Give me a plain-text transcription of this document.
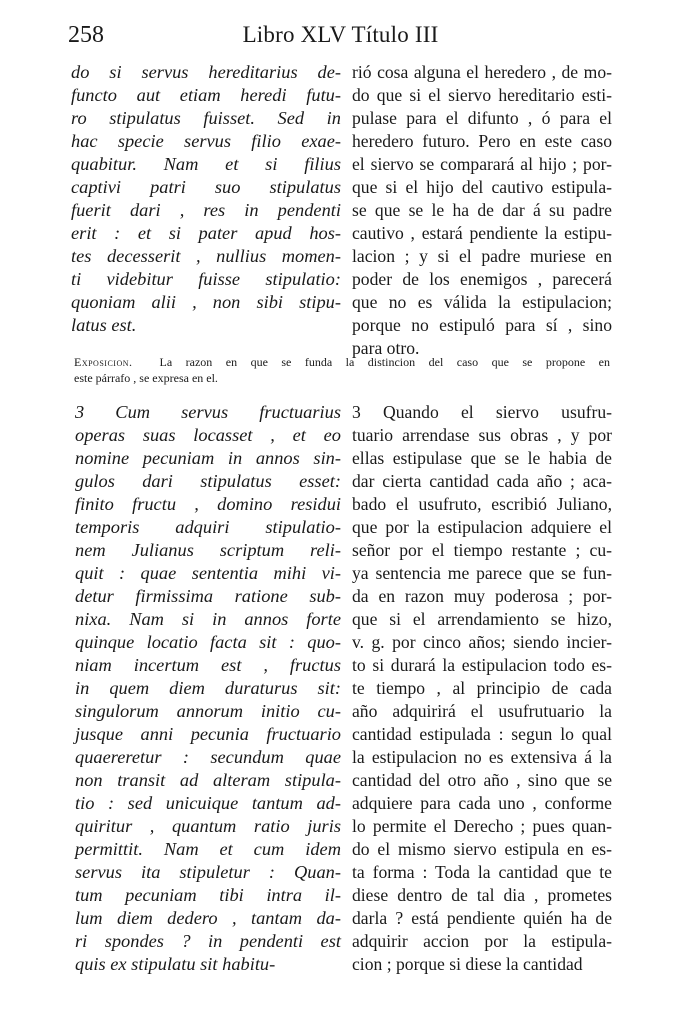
258	Libro XLV Título III
do si servus hereditarius de-
functo aut etiam heredi futu-
ro stipulatus fuisset. Sed in
hac specie servus filio exae-
quabitur. Nam et si filius
captivi patri suo stipulatus
fuerit dari , res in pendenti
erit : et si pater apud hos-
tes decesserit , nullius momen-
ti videbitur fuisse stipulatio:
quoniam alii , non sibi stipu-
latus est.
rió cosa alguna el heredero , de mo-
do que si el siervo hereditario esti-
pulase para el difunto , ó para el
heredero futuro. Pero en este caso
el siervo se comparará al hijo ; por-
que si el hijo del cautivo estipula-
se que se le ha de dar á su padre
cautivo , estará pendiente la estipu-
lacion ; y si el padre muriese en
poder de los enemigos , parecerá
que no es válida la estipulacion;
porque no estipuló para sí , sino
para otro.
Exposicion. La razon en que se funda la distincion del caso que se propone en
este párrafo , se expresa en el.
3 Cum servus fructuarius
operas suas locasset , et eo
nomine pecuniam in annos sin-
gulos dari stipulatus esset:
finito fructu , domino residui
temporis adquiri stipulatio-
nem Julianus scriptum reli-
quit : quae sententia mihi vi-
detur firmissima ratione sub-
nixa. Nam si in annos forte
quinque locatio facta sit : quo-
niam incertum est , fructus
in quem diem duraturus sit:
singulorum annorum initio cu-
jusque anni pecunia fructuario
quaereretur : secundum quae
non transit ad alteram stipula-
tio : sed unicuique tantum ad-
quiritur , quantum ratio juris
permittit. Nam et cum idem
servus ita stipuletur : Quan-
tum pecuniam tibi intra il-
lum diem dedero , tantam da-
ri spondes ? in pendenti est
quis ex stipulatu sit habitu-
3 Quando el siervo usufru-
tuario arrendase sus obras , y por
ellas estipulase que se le habia de
dar cierta cantidad cada año ; aca-
bado el usufruto, escribió Juliano,
que por la estipulacion adquiere el
señor por el tiempo restante ; cu-
ya sentencia me parece que se fun-
da en razon muy poderosa ; por-
que si el arrendamiento se hizo,
v. g. por cinco años; siendo incier-
to si durará la estipulacion todo es-
te tiempo , al principio de cada
año adquirirá el usufrutuario la
cantidad estipulada : segun lo qual
la estipulacion no es extensiva á la
cantidad del otro año , sino que se
adquiere para cada uno , conforme
lo permite el Derecho ; pues quan-
do el mismo siervo estipula en es-
ta forma : Toda la cantidad que te
diese dentro de tal dia , prometes
darla ? está pendiente quién ha de
adquirir accion por la estipula-
cion ; porque si diese la cantidad
